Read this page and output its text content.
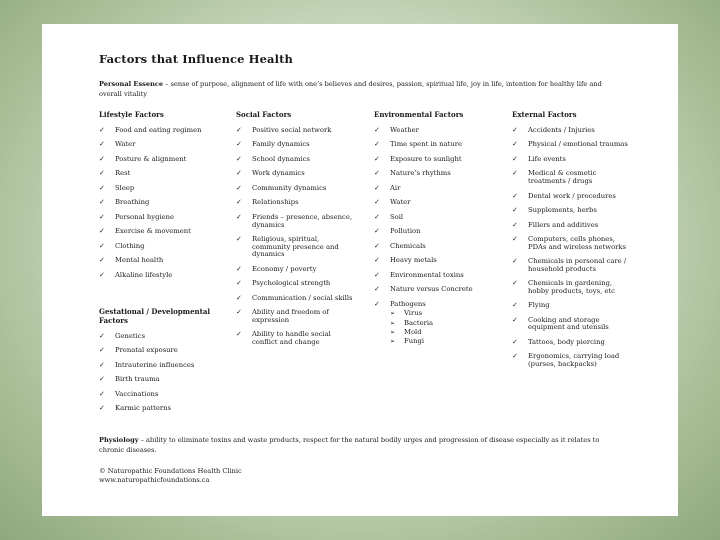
Factors that Influence Health
Personal Essence – sense of purpose, alignment of life with one’s believes and desires, passion, spiritual life, joy in life, intention for healthy life and overall vitality
Lifestyle Factors
✓ Food and eating regimen
✓ Water
✓ Posture & alignment
✓ Rest
✓ Sleep
✓ Breathing
✓ Personal hygiene
✓ Exercise & movement
✓ Clothing
✓ Mental health
✓ Alkaline lifestyle
Gestational / Developmental Factors
✓ Genetics
✓ Prenatal exposure
✓ Intrauterine influences
✓ Birth trauma
✓ Vaccinations
✓ Karmic patterns
Social Factors
✓ Positive social network
✓ Family dynamics
✓ School dynamics
✓ Work dynamics
✓ Community dynamics
✓ Relationships
✓ Friends – presence, absence, dynamics
✓ Religious, spiritual, community presence and dynamics
✓ Economy / poverty
✓ Psychological strength
✓ Communication / social skills
✓ Ability and freedom of expression
✓ Ability to handle social conflict and change
Environmental Factors
✓ Weather
✓ Time spent in nature
✓ Exposure to sunlight
✓ Nature’s rhythms
✓ Air
✓ Water
✓ Soil
✓ Pollution
✓ Chemicals
✓ Heavy metals
✓ Environmental toxins
✓ Nature versus Concrete
✓ Pathogens
➢ Virus
➢ Bacteria
➢ Mold
➢ Fungi
External Factors
✓ Accidents / Injuries
✓ Physical / emotional traumas
✓ Life events
✓ Medical & cosmetic treatments / drugs
✓ Dental work / procedures
✓ Supplements, herbs
✓ Fillers and additives
✓ Computers, cells phones, PDAs and wireless networks
✓ Chemicals in personal care / household products
✓ Chemicals in gardening, hobby products, toys, etc
✓ Flying
✓ Cooking and storage equipment and utensils
✓ Tattoos, body piercing
✓ Ergonomics, carrying load (purses, backpacks)
Physiology – ability to eliminate toxins and waste products, respect for the natural bodily urges and progression of disease especially as it relates to chronic diseases.
© Naturopathic Foundations Health Clinic
www.naturopathicfoundations.ca
